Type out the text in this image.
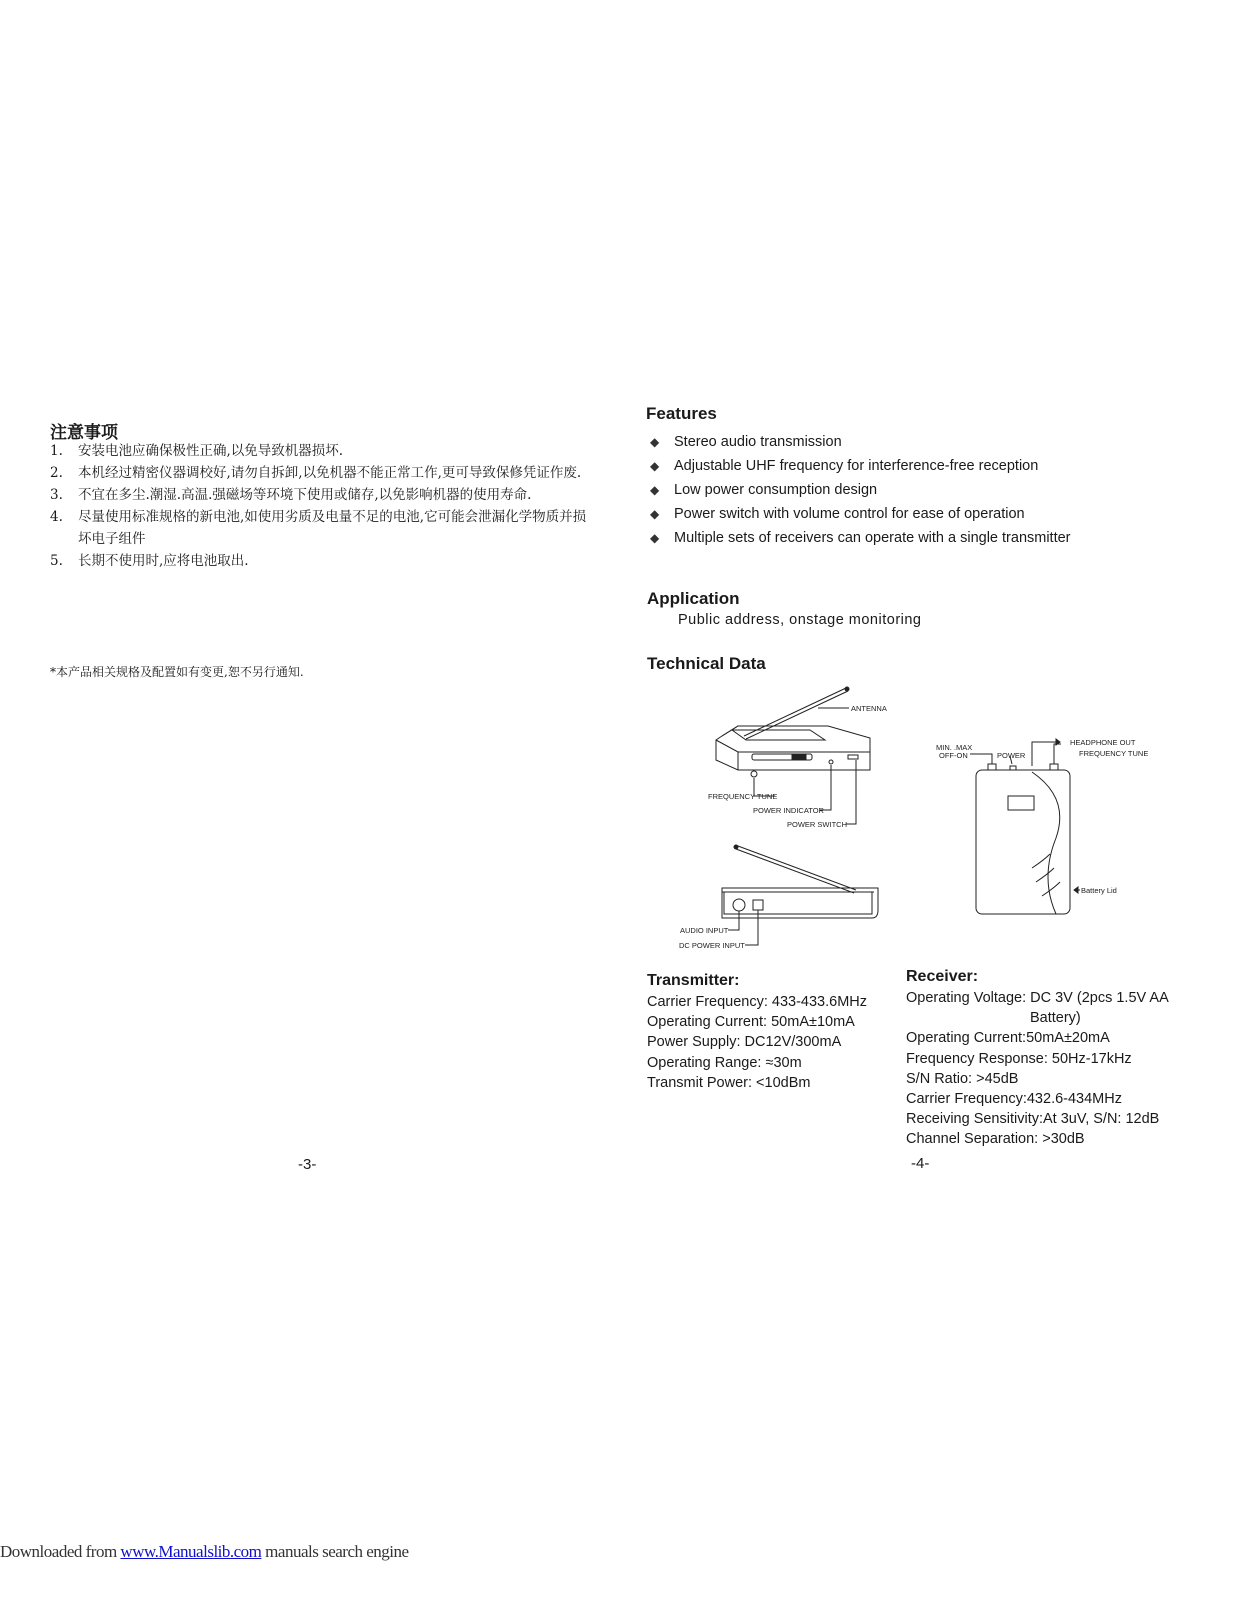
注意事项
1.	安装电池应确保极性正确,以免导致机器损坏.
2.	本机经过精密仪器调校好,请勿自拆卸,以免机器不能正常工作,更可导致保修凭证作废.
3.	不宜在多尘.潮湿.高温.强磁场等环境下使用或储存,以免影响机器的使用寿命.
4.	尽量使用标准规格的新电池,如使用劣质及电量不足的电池,它可能会泄漏化学物质并损坏电子组件
5.	长期不使用时,应将电池取出.
*本产品相关规格及配置如有变更,恕不另行通知.
-3-
Features
◆	Stereo audio transmission
◆	Adjustable UHF frequency for interference-free reception
◆	Low power consumption design
◆	Power switch with volume control for ease of operation
◆	Multiple sets of receivers can operate with a single transmitter
Application
Public address, onstage monitoring
Technical Data
ANTENNA
FREQUENCY TUNE
POWER INDICATOR
POWER SWITCH
AUDIO INPUT
DC POWER INPUT
MIN. .MAX
OFF-ON	POWER
HEADPHONE OUT
FREQUENCY TUNE
Battery Lid
Transmitter:
Carrier Frequency: 433-433.6MHz
Operating Current: 50mA±10mA
Power Supply: DC12V/300mA
Operating Range: ≈30m
Transmit Power: <10dBm
Receiver:
Operating Voltage: DC 3V (2pcs 1.5V AA
Battery)
Operating Current:50mA±20mA
Frequency Response: 50Hz-17kHz
S/N Ratio: >45dB
Carrier Frequency:432.6-434MHz
Receiving Sensitivity:At 3uV, S/N: 12dB
Channel Separation: >30dB
-4-
Downloaded from www.Manualslib.com manuals search engine
